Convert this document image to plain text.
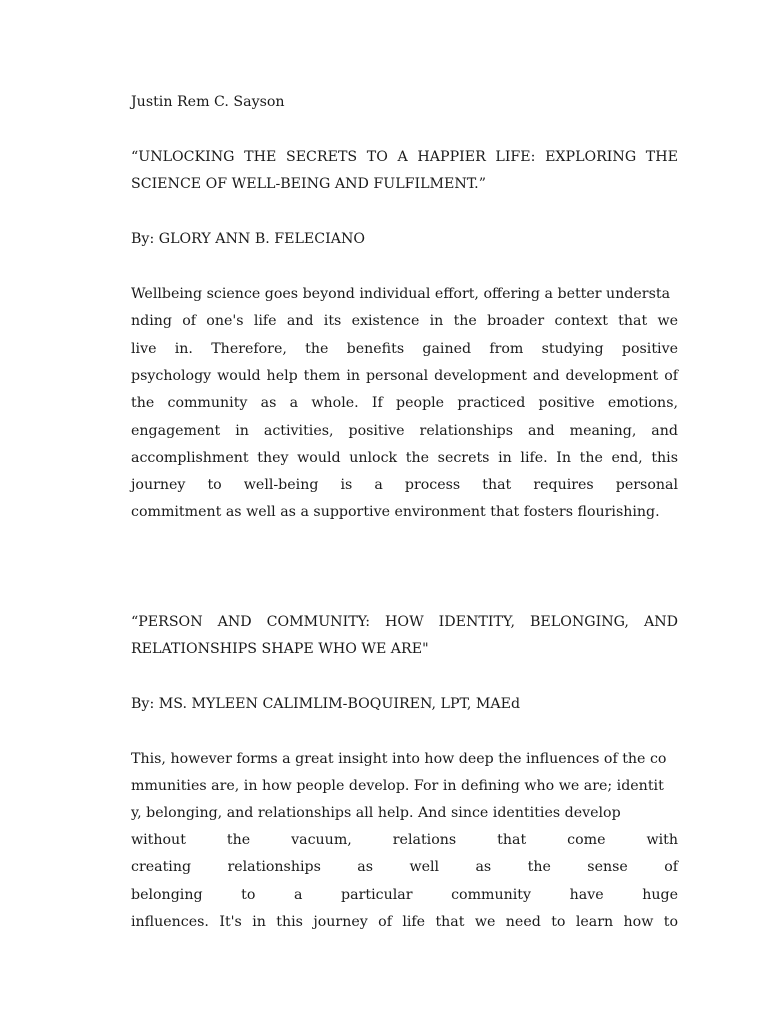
Justin Rem C. Sayson
“UNLOCKING THE SECRETS TO A HAPPIER LIFE: EXPLORING THE
SCIENCE OF WELL-BEING AND FULFILMENT.”
By: GLORY ANN B. FELECIANO
Wellbeing science goes beyond individual effort, offering a better understa
nding of one's life and its existence in the broader context that we
live in. Therefore, the benefits gained from studying positive
psychology would help them in personal development and development of
the community as a whole. If people practiced positive emotions,
engagement in activities, positive relationships and meaning, and
accomplishment they would unlock the secrets in life. In the end, this
journey to well-being is a process that requires personal
commitment as well as a supportive environment that fosters flourishing.
“PERSON AND COMMUNITY: HOW IDENTITY, BELONGING, AND
RELATIONSHIPS SHAPE WHO WE ARE"
By: MS. MYLEEN CALIMLIM-BOQUIREN, LPT, MAEd
This, however forms a great insight into how deep the influences of the co
mmunities are, in how people develop. For in defining who we are; identit
y, belonging, and relationships all help. And since identities develop
without the vacuum, relations that come with
creating relationships as well as the sense of
belonging to a particular community have huge
influences. It's in this journey of life that we need to learn how to
